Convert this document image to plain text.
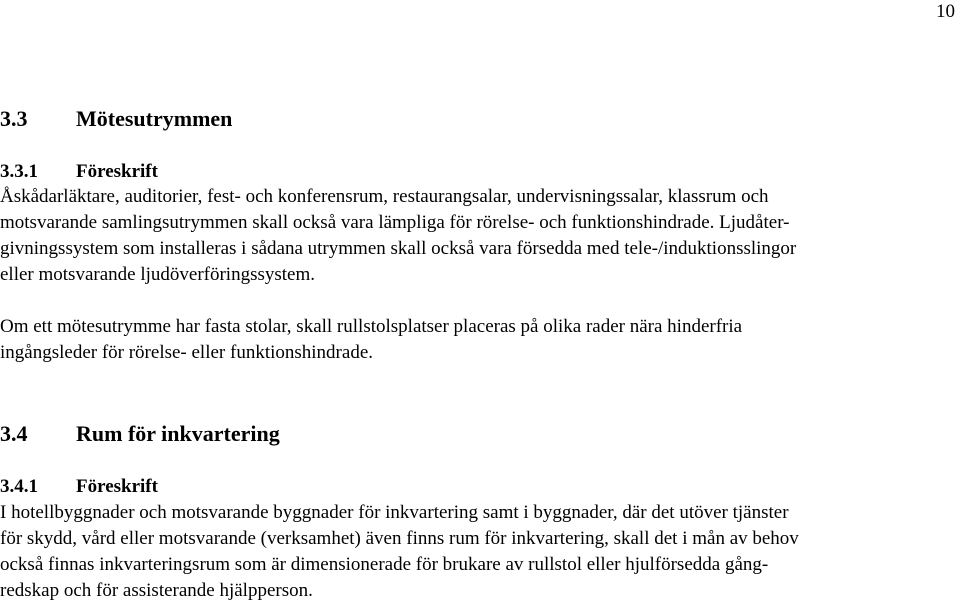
10
3.3 Mötesutrymmen
3.3.1 Föreskrift
Åskådarläktare, auditorier, fest- och konferensrum, restaurangsalar, undervisningssalar, klassrum och
motsvarande samlingsutrymmen skall också vara lämpliga för rörelse- och funktionshindrade. Ljudåter-
givningssystem som installeras i sådana utrymmen skall också vara försedda med tele-/induktionsslingor
eller motsvarande ljudöverföringssystem.
Om ett mötesutrymme har fasta stolar, skall rullstolsplatser placeras på olika rader nära hinderfria
ingångsleder för rörelse- eller funktionshindrade.
3.4 Rum för inkvartering
3.4.1 Föreskrift
I hotellbyggnader och motsvarande byggnader för inkvartering samt i byggnader, där det utöver tjänster
för skydd, vård eller motsvarande (verksamhet) även finns rum för inkvartering, skall det i mån av behov
också finnas inkvarteringsrum som är dimensionerade för brukare av rullstol eller hjulförsedda gång-
redskap och för assisterande hjälpperson.
